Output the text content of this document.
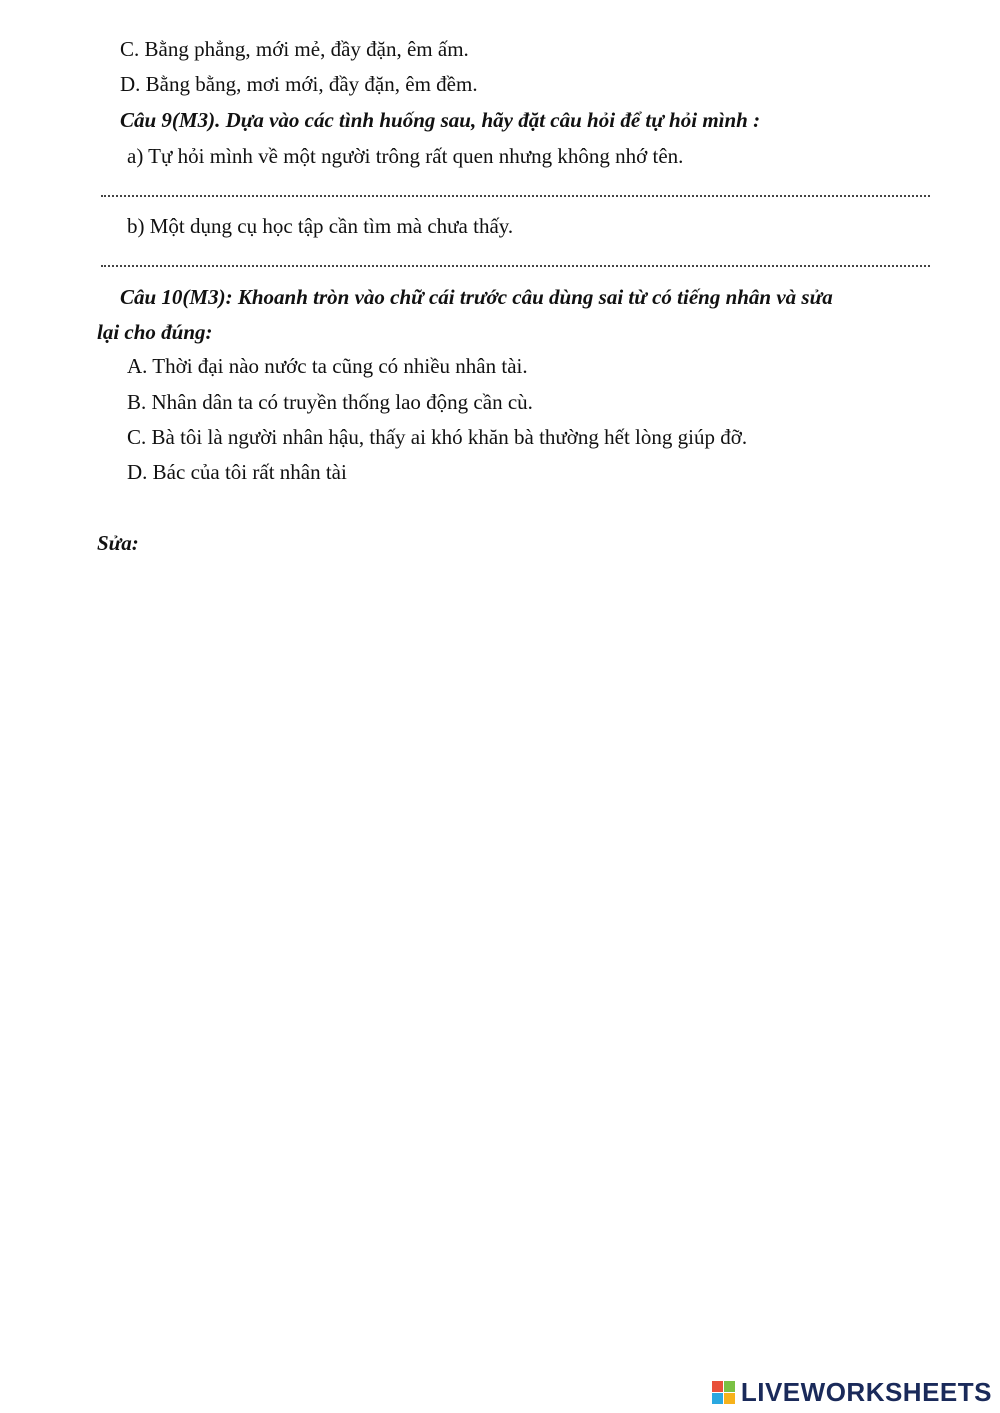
C. Bằng phẳng, mới mẻ, đầy đặn, êm ấm.
D. Bằng bằng, mơi mới, đầy đặn, êm đềm.
Câu 9(M3). Dựa vào các tình huống sau, hãy đặt câu hỏi để tự hỏi mình :
a) Tự hỏi mình về một người trông rất quen nhưng không nhớ tên.
b) Một dụng cụ học tập cần tìm mà chưa thấy.
Câu 10(M3): Khoanh tròn vào chữ cái trước câu dùng sai từ có tiếng nhân và sửa
lại cho đúng:
A. Thời đại nào nước ta cũng có nhiều nhân tài.
B. Nhân dân ta có truyền thống lao động cần cù.
C. Bà tôi là người nhân hậu, thấy ai khó khăn bà thường hết lòng giúp đỡ.
D. Bác của tôi rất nhân tài
Sửa:
LIVEWORKSHEETS
